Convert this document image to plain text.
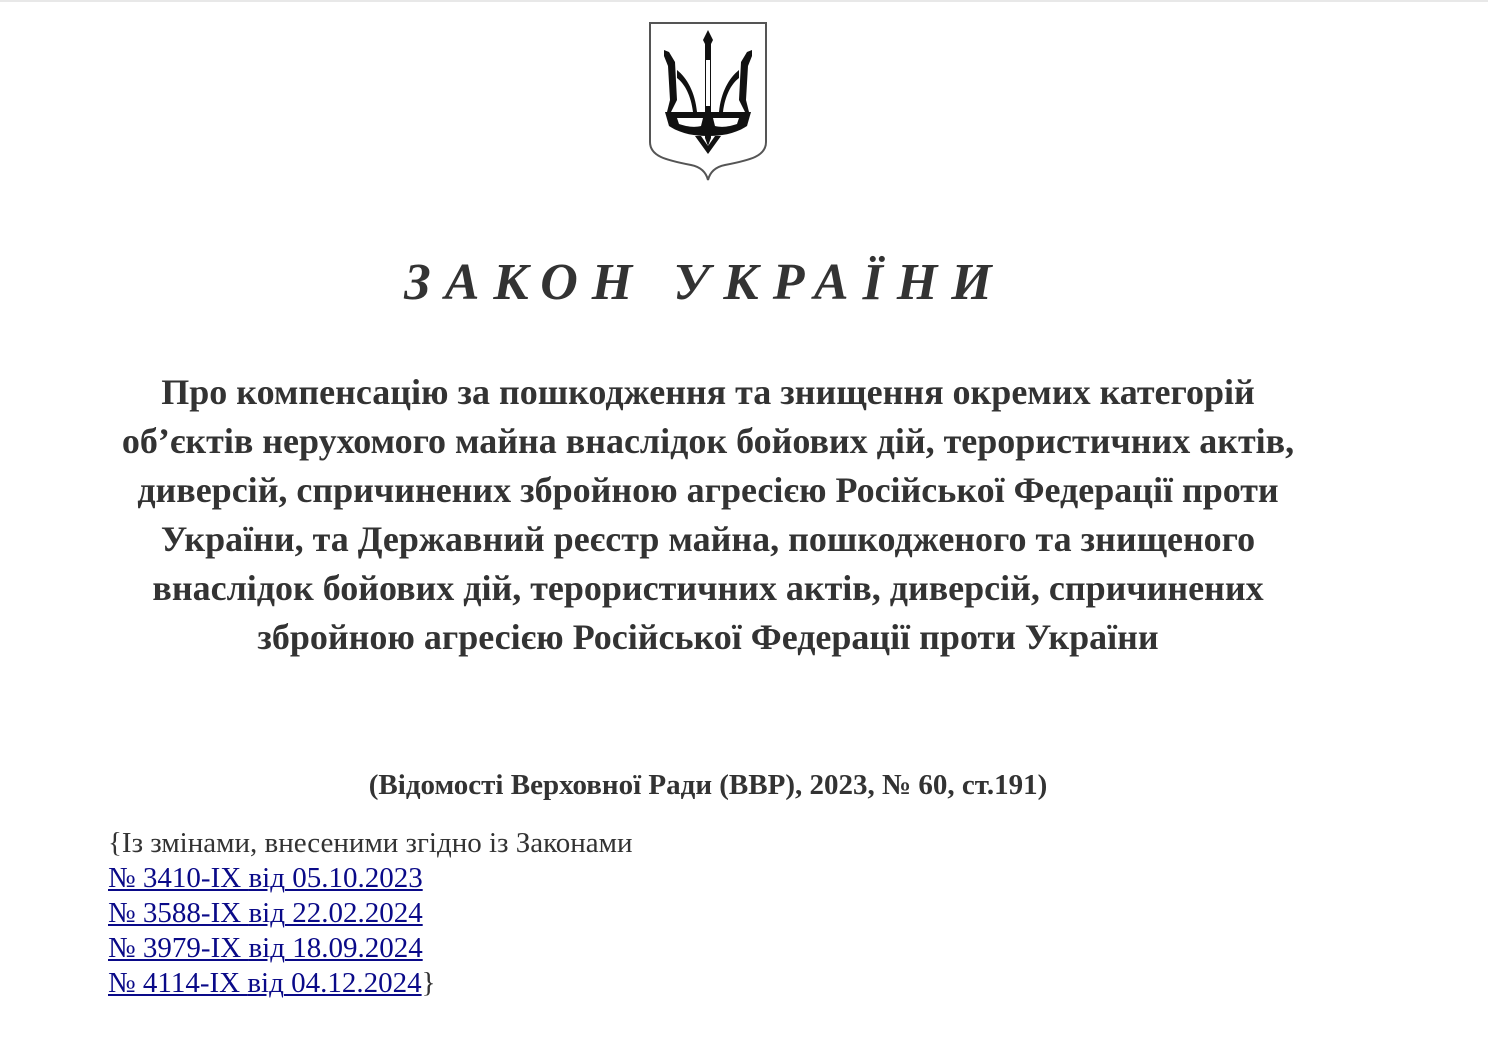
ЗАКОН УКРАЇНИ
Про компенсацію за пошкодження та знищення окремих категорій об’єктів нерухомого майна внаслідок бойових дій, терористичних актів, диверсій, спричинених збройною агресією Російської Федерації проти України, та Державний реєстр майна, пошкодженого та знищеного внаслідок бойових дій, терористичних актів, диверсій, спричинених збройною агресією Російської Федерації проти України
(Відомості Верховної Ради (ВВР), 2023, № 60, ст.191)
{Із змінами, внесеними згідно із Законами
№ 3410-IX від 05.10.2023
№ 3588-IX від 22.02.2024
№ 3979-IX від 18.09.2024
№ 4114-IX від 04.12.2024}
